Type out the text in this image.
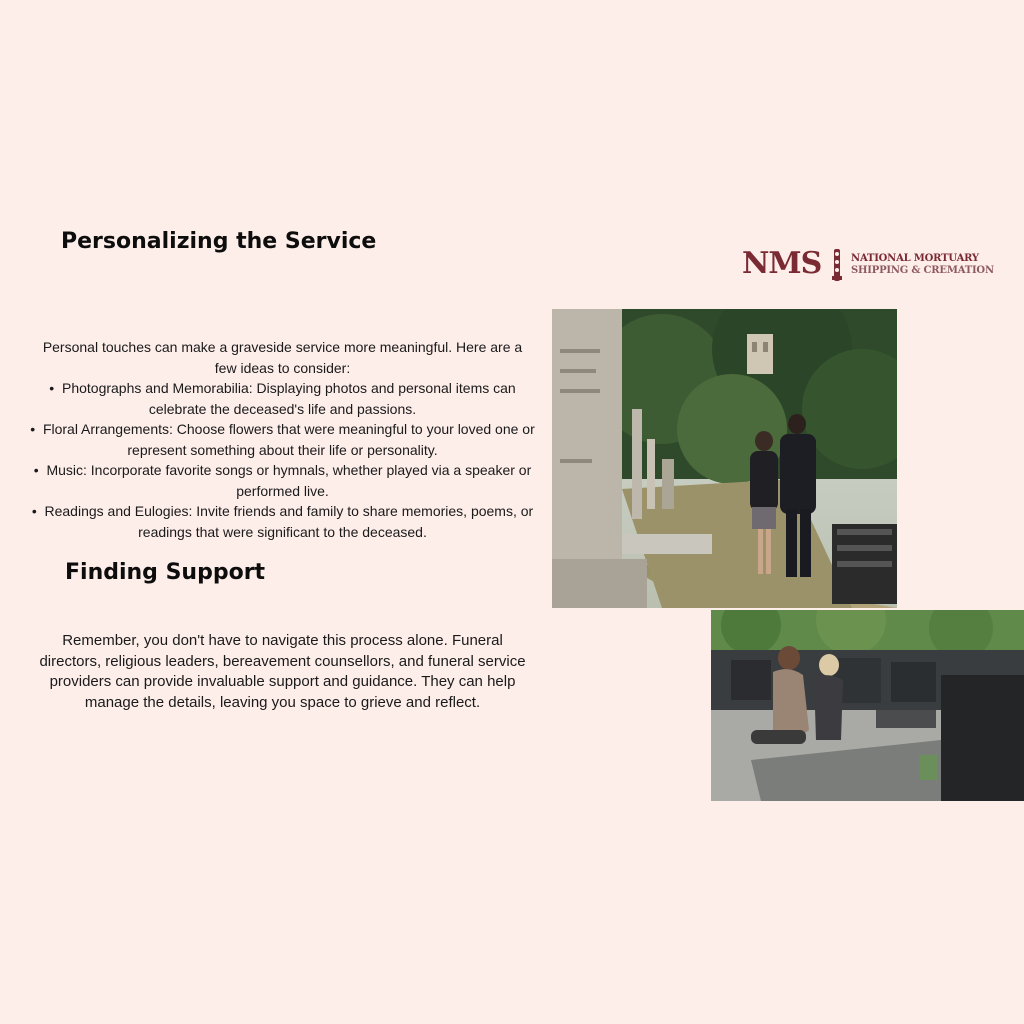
Personalizing the Service

Personal touches can make a graveside service more meaningful. Here are a few ideas to consider:

•  Photographs and Memorabilia: Displaying photos and personal items can celebrate the deceased's life and passions.
•  Floral Arrangements: Choose flowers that were meaningful to your loved one or represent something about their life or personality.
•  Music: Incorporate favorite songs or hymnals, whether played via a speaker or performed live.
•  Readings and Eulogies: Invite friends and family to share memories, poems, or readings that were significant to the deceased.
Finding Support

Remember, you don't have to navigate this process alone. Funeral directors, religious leaders, bereavement counsellors, and funeral service providers can provide invaluable support and guidance. They can help manage the details, leaving you space to grieve and reflect.

NMS	NATIONAL MORTUARY
SHIPPING & CREMATION
